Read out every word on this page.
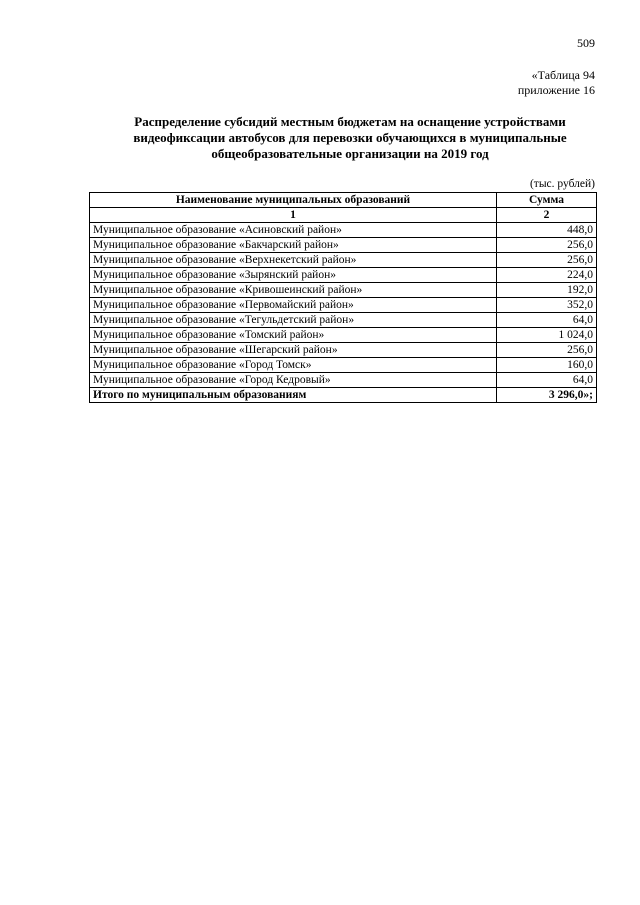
509
«Таблица 94
приложение 16
Распределение субсидий местным бюджетам на оснащение устройствами
видеофиксации автобусов для перевозки обучающихся в муниципальные
общеобразовательные организации на 2019 год
(тыс. рублей)
Наименование муниципальных образований	Сумма
1	2
Муниципальное образование «Асиновский район»	448,0
Муниципальное образование «Бакчарский район»	256,0
Муниципальное образование «Верхнекетский район»	256,0
Муниципальное образование «Зырянский район»	224,0
Муниципальное образование «Кривошеинский район»	192,0
Муниципальное образование «Первомайский район»	352,0
Муниципальное образование «Тегульдетский район»	64,0
Муниципальное образование «Томский район»	1 024,0
Муниципальное образование «Шегарский район»	256,0
Муниципальное образование «Город Томск»	160,0
Муниципальное образование «Город Кедровый»	64,0
Итого по муниципальным образованиям	3 296,0»;
